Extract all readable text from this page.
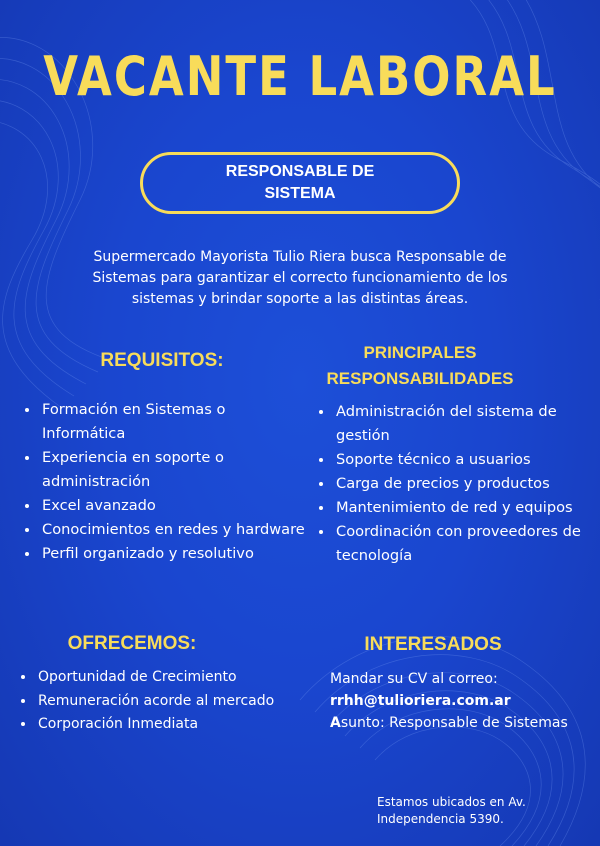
VACANTE LABORAL
RESPONSABLE DE SISTEMA
Supermercado Mayorista Tulio Riera busca Responsable de Sistemas para garantizar el correcto funcionamiento de los sistemas y brindar soporte a las distintas áreas.
REQUISITOS:
• Formación en Sistemas o Informática
• Experiencia en soporte o administración
• Excel avanzado
• Conocimientos en redes y hardware
• Perfil organizado y resolutivo
PRINCIPALES RESPONSABILIDADES
• Administración del sistema de gestión
• Soporte técnico a usuarios
• Carga de precios y productos
• Mantenimiento de red y equipos
• Coordinación con proveedores de tecnología
OFRECEMOS:
• Oportunidad de Crecimiento
• Remuneración acorde al mercado
• Corporación Inmediata
INTERESADOS
Mandar su CV al correo:
rrhh@tulioriera.com.ar
Asunto: Responsable de Sistemas
Estamos ubicados en Av. Independencia 5390.
